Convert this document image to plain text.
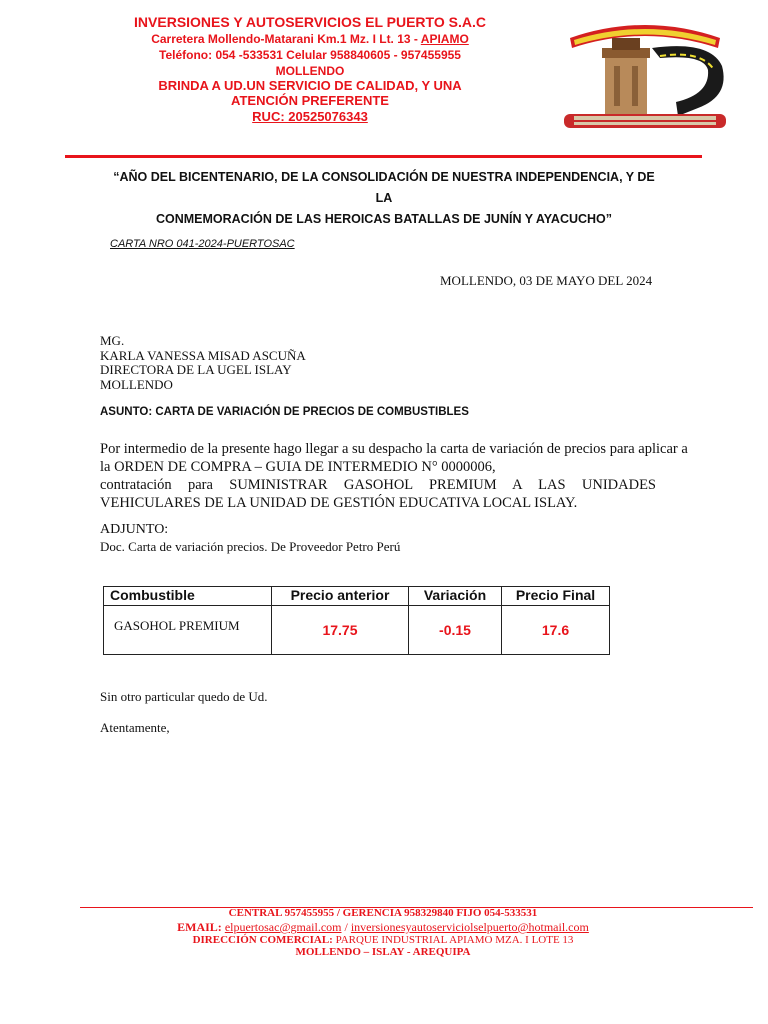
INVERSIONES Y AUTOSERVICIOS EL PUERTO S.A.C
Carretera Mollendo-Matarani Km.1 Mz. I Lt. 13 - APIAMO
Teléfono: 054 -533531 Celular 958840605 - 957455955
MOLLENDO
BRINDA A UD.UN SERVICIO DE CALIDAD, Y UNA
ATENCIÓN PREFERENTE
RUC: 20525076343
“AÑO DEL BICENTENARIO, DE LA CONSOLIDACIÓN DE NUESTRA INDEPENDENCIA, Y DE LA
CONMEMORACIÓN DE LAS HEROICAS BATALLAS DE JUNÍN Y AYACUCHO”
CARTA NRO 041-2024-PUERTOSAC
MOLLENDO, 03 DE MAYO DEL 2024
MG.
KARLA VANESSA MISAD ASCUÑA
DIRECTORA DE LA UGEL ISLAY
MOLLENDO
ASUNTO: CARTA DE VARIACIÓN DE PRECIOS DE COMBUSTIBLES
Por intermedio de la presente hago llegar a su despacho la carta de variación de precios para aplicar a
la ORDEN DE COMPRA – GUIA DE INTERMEDIO N° 0000006,
contratación para SUMINISTRAR GASOHOL PREMIUM A LAS UNIDADES
VEHICULARES DE LA UNIDAD DE GESTIÓN EDUCATIVA LOCAL ISLAY.
ADJUNTO:
Doc. Carta de variación precios. De Proveedor Petro Perú
Combustible	Precio anterior	Variación	Precio Final
GASOHOL PREMIUM	17.75	-0.15	17.6
Sin otro particular quedo de Ud.
Atentamente,
CENTRAL 957455955 / GERENCIA 958329840 FIJO 054-533531
EMAIL: elpuertosac@gmail.com / inversionesyautoserviciolselpuerto@hotmail.com
DIRECCIÓN COMERCIAL: PARQUE INDUSTRIAL APIAMO MZA. I LOTE 13
MOLLENDO – ISLAY - AREQUIPA
